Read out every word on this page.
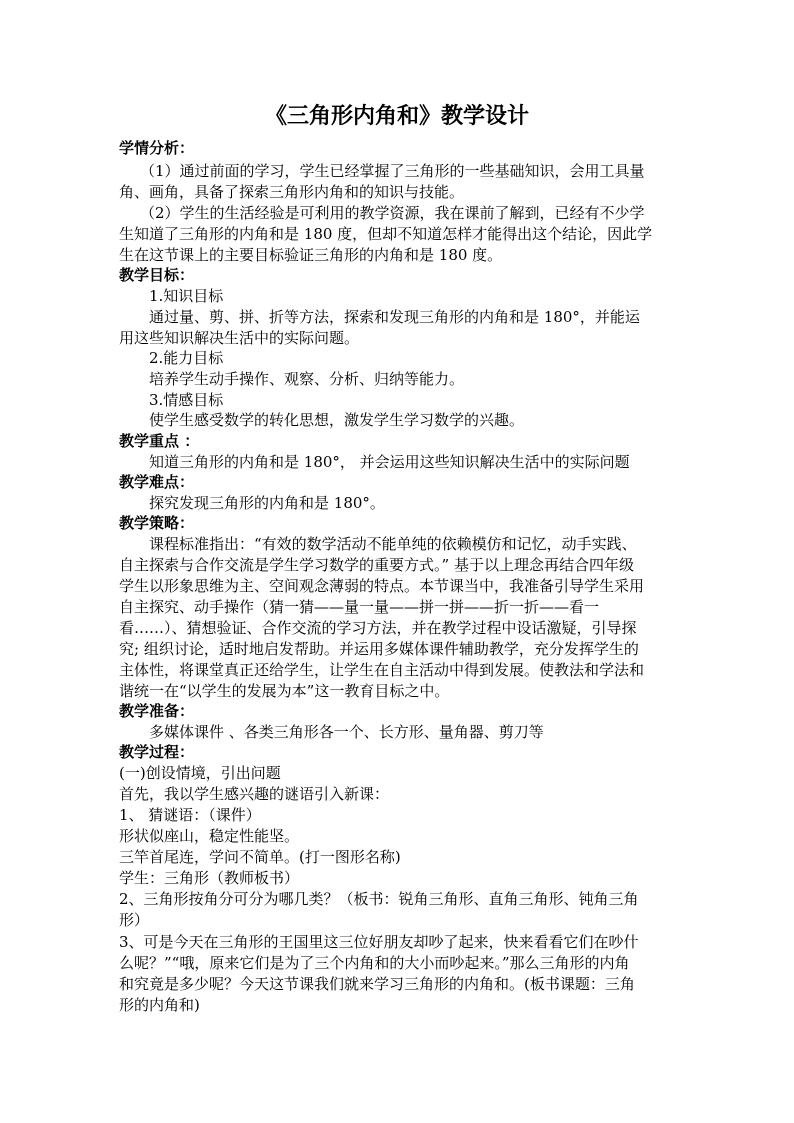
《三角形内角和》教学设计
学情分析：
（1）通过前面的学习，学生已经掌握了三角形的一些基础知识，会用工具量
角、画角，具备了探索三角形内角和的知识与技能。
（2）学生的生活经验是可利用的教学资源，我在课前了解到，已经有不少学
生知道了三角形的内角和是 180 度，但却不知道怎样才能得出这个结论，因此学
生在这节课上的主要目标验证三角形的内角和是 180 度。
教学目标：
1.知识目标
通过量、剪、拼、折等方法，探索和发现三角形的内角和是 180°，并能运
用这些知识解决生活中的实际问题。
2.能力目标
培养学生动手操作、观察、分析、归纳等能力。
3.情感目标
使学生感受数学的转化思想，激发学生学习数学的兴趣。
教学重点 ：
知道三角形的内角和是 180°， 并会运用这些知识解决生活中的实际问题
教学难点：
探究发现三角形的内角和是 180°。
教学策略：
课程标准指出：“有效的数学活动不能单纯的依赖模仿和记忆，动手实践、
自主探索与合作交流是学生学习数学的重要方式。” 基于以上理念再结合四年级
学生以形象思维为主、空间观念薄弱的特点。本节课当中，我准备引导学生采用
自主探究、动手操作（猜一猜——量一量——拼一拼——折一折——看一
看……）、猜想验证、合作交流的学习方法，并在教学过程中设话激疑，引导探
究; 组织讨论，适时地启发帮助。并运用多媒体课件辅助教学，充分发挥学生的
主体性，将课堂真正还给学生，让学生在自主活动中得到发展。使教法和学法和
谐统一在“以学生的发展为本”这一教育目标之中。
教学准备：
多媒体课件 、各类三角形各一个、长方形、量角器、剪刀等
教学过程：
(一)创设情境，引出问题
首先，我以学生感兴趣的谜语引入新课：
1、 猜谜语：（课件）
形状似座山，稳定性能坚。
三竿首尾连，学问不简单。(打一图形名称)
学生：三角形（教师板书）
2、三角形按角分可分为哪几类？（板书：锐角三角形、直角三角形、钝角三角
形）
3、可是今天在三角形的王国里这三位好朋友却吵了起来，快来看看它们在吵什
么呢？”“哦，原来它们是为了三个内角和的大小而吵起来。”那么三角形的内角
和究竟是多少呢？今天这节课我们就来学习三角形的内角和。(板书课题：三角
形的内角和)
